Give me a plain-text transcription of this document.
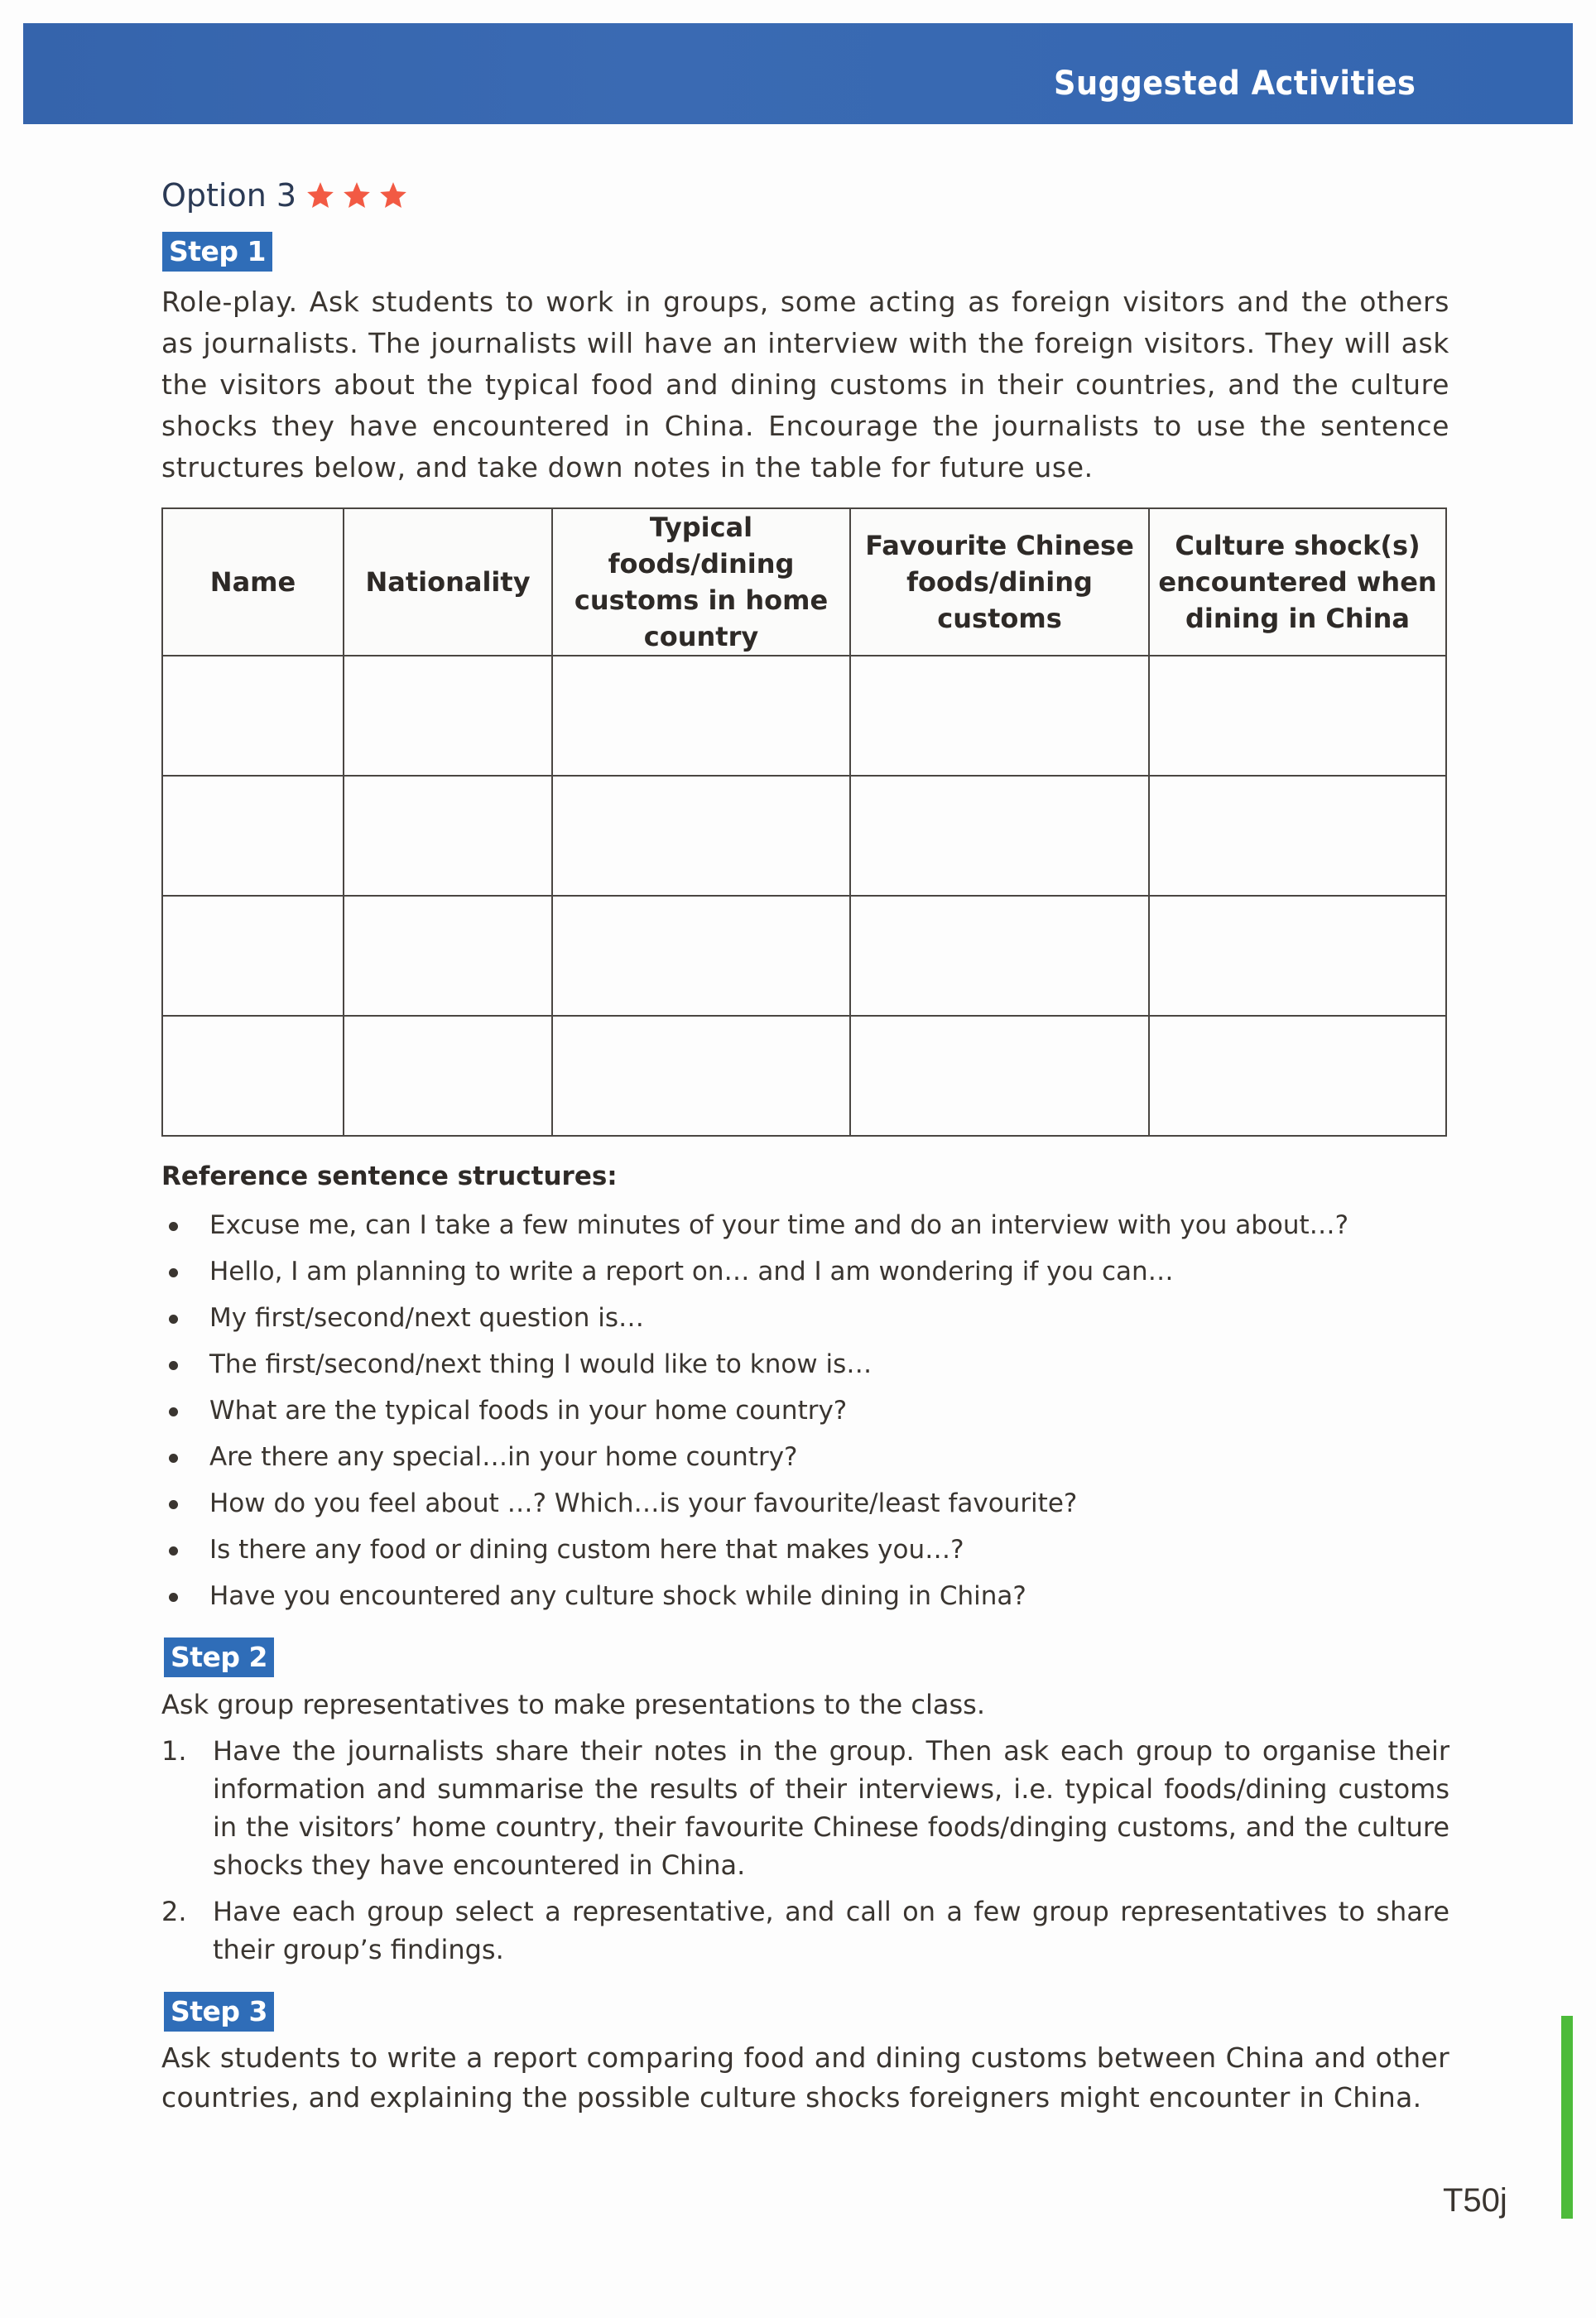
Suggested Activities
Option 3
Step 1
Role-play. Ask students to work in groups, some acting as foreign visitors and the others as journalists. The journalists will have an interview with the foreign visitors. They will ask the visitors about the typical food and dining customs in their countries, and the culture shocks they have encountered in China. Encourage the journalists to use the sentence structures below, and take down notes in the table for future use.
Name	Nationality	Typical foods/dining customs in home country	Favourite Chinese foods/dining customs	Culture shock(s) encountered when dining in China

Reference sentence structures:
Excuse me, can I take a few minutes of your time and do an interview with you about…?
Hello, I am planning to write a report on… and I am wondering if you can…
My first/second/next question is…
The first/second/next thing I would like to know is…
What are the typical foods in your home country?
Are there any special…in your home country?
How do you feel about …? Which…is your favourite/least favourite?
Is there any food or dining custom here that makes you…?
Have you encountered any culture shock while dining in China?
Step 2
Ask group representatives to make presentations to the class.
1. Have the journalists share their notes in the group. Then ask each group to organise their information and summarise the results of their interviews, i.e. typical foods/dining customs in the visitors’ home country, their favourite Chinese foods/dinging customs, and the culture shocks they have encountered in China.
2. Have each group select a representative, and call on a few group representatives to share their group’s findings.
Step 3
Ask students to write a report comparing food and dining customs between China and other countries, and explaining the possible culture shocks foreigners might encounter in China.
T50j
